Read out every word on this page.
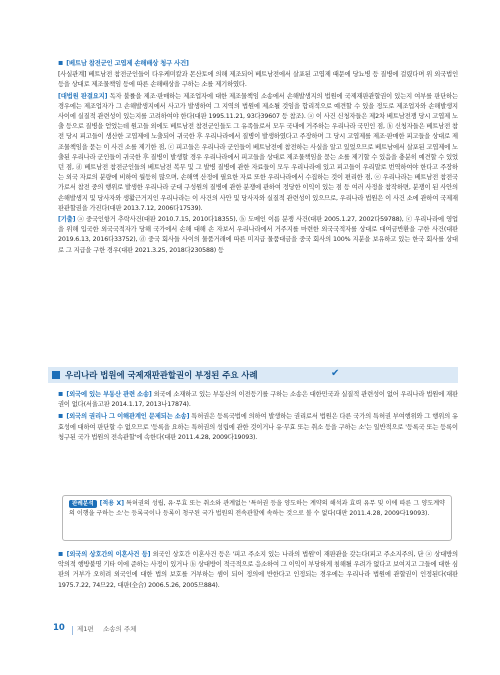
▪ [베트남 참전군인 고엽제 손해배상 청구 사건]

[사실관계] 베트남전 참전군인들이 다우케미칼과 몬산토에 의해 제조되어 베트남전에서 살포된 고엽제 때문에 당뇨병 등 질병에 걸렸다며 위 외국법인 등을 상대로 제조물책임 등에 따른 손해배상을 구하는 소를 제기하였다.

[대법원 판결요지] 독자 불률을 제조·판매하는 제조업자에 대한 제조물책임 소송에서 손해발생지의 법원에 국제재판관할권이 있는지 여부를 판단하는 경우에는 제조업자가 그 손해발생지에서 사고가 발생하여 그 지역의 법원에 제소될 것임을 합리적으로 예견할 수 있을 정도로 제조업자와 손해발생지 사이에 실질적 관련성이 있는지를 고려하여야 한다(대판 1995.11.21, 93다39607 등 참조). ⓐ 이 사건 신청자들은 제2차 베트남전쟁 당시 고엽제 노출 등으로 질병을 얻었는데 원고들 외에도 베트남전 참전군인들도 그 유족들로서 모두 국내에 거주하는 우리나라 국민인 점, ⓑ 신청자들은 베트남전 참전 당시 피고들이 생산한 고엽제에 노출되어 귀국한 후 우리나라에서 질병이 발생하였다고 주장하며 그 당시 고엽제를 제조·판매한 피고들을 상대로 제조물책임을 묻는 이 사건 소를 제기한 점, ⓒ 피고들은 우리나라 군인들이 베트남전에 참전하는 사실을 알고 있었으므로 베트남에서 살포된 고엽제에 노출된 우리나라 군인들이 귀국한 후 질병이 발생할 경우 우리나라에서 피고들을 상대로 제조물책임을 묻는 소를 제기할 수 있음을 충분히 예견할 수 있었던 점, ⓓ 베트남전 참전군인들의 베트남전 복무 및 그 발병 질병에 관한 자료들이 모두 우리나라에 있고 피고들이 우리말로 번역하여야 한다고 주장하는 외국 자료의 분량에 비하여 월등히 많으며, 손해액 산정에 필요한 자료 또한 우리나라에서 수집하는 것이 편리한 점, ⓔ 우리나라는 베트남전 참전국가로서 참전 중의 행위로 발생한 우리나라 군대 구성원의 질병에 관한 분쟁에 관하여 정당한 이익이 있는 점 등 여러 사정을 참작하면, 분쟁이 된 사안의 손해발생지 및 당사자와 생활근거지인 우리나라는 이 사건의 사안 및 당사자와 실질적 관련성이 있으므로, 우리나라 법원은 이 사건 소에 관하여 국제재판관할권을 가진다(대판 2013.7.12, 2006다17539).

[기출] ⓐ 중국인항거 추락사건(대판 2010.7.15, 2010다18355), ⓑ 도메인 이름 분쟁 사건(대판 2005.1.27, 2002다59788), ⓒ 우리나라에 영업을 위해 입국한 외국국적자가 당해 국가에서 손해 대해 손 자보서 우리나라에서 거주지를 마련한 외국국적자를 상대로 대여금반환을 구한 사건(대판 2019.6.13, 2016다33752), ⓓ 중국 회사들 사이의 물품거래에 따른 미지급 물품대금을 중국 회사의 100% 지분을 보유하고 있는 한국 회사를 상대로 그 지급을 구한 경우(대판 2021.3.25, 2018다230588) 등

우리나라 법원에 국제재판관할권이 부정된 주요 사례	✔

▪ [외국에 있는 부동산 관련 소송] 외국에 소재하고 있는 부동산의 이전등기를 구하는 소송은 대한민국과 실질적 관련성이 없어 우리나라 법원에 재판권이 없다(서울고판 2014.1.17, 2013나17874).

▪ [외국의 권리나 그 이해관계인 문제되는 소송] 특허권은 등록국법에 의하여 발생하는 권리로서 법원은 다른 국가의 특허권 부여행위와 그 행위의 유효성에 대하여 판단할 수 없으므로 '등록을 요하는 특허권의 성립에 관한 것이거나 유·무효 또는 취소 등을 구하는 소'는 일반적으로 '등록국 또는 등록이 청구된 국가 법원의 전속관할'에 속한다(대판 2011.4.28, 2009다19093).

판례분석 [적용 X] 특허권의 성립, 유·무효 또는 취소와 관계없는 '특허권 등을 양도하는 계약의 해석과 효력 유무 및 이에 따른 그 양도계약의 이행을 구하는 소'는 등록국이나 등록이 청구된 국가 법원의 전속관할에 속하는 것으로 볼 수 없다(대판 2011.4.28, 2009다19093).

▪ [외국의 상호간의 이혼사건 등] 외국인 상호간 이혼사건 등은 '피고 주소지 있는 나라의 법원'이 재판관을 갖는다(피고 주소지주의, 단 ⓐ 상대방의 악의적 행방불명 기타 이에 준하는 사정이 있거나 ⓑ 상대방이 적극적으로 응소하여 그 이익이 부당하게 침해될 우려가 없다고 보여지고 그들에 대한 심판의 거부가 오히려 외국인에 대한 법의 보호를 거부하는 셈이 되어 정의에 반한다고 인정되는 경우에는 우리나라 법원에 관할권이 인정된다(대판 1975.7.22, 74므22, 대판(全合) 2006.5.26, 2005므884).

10 제1편 소송의 주체
